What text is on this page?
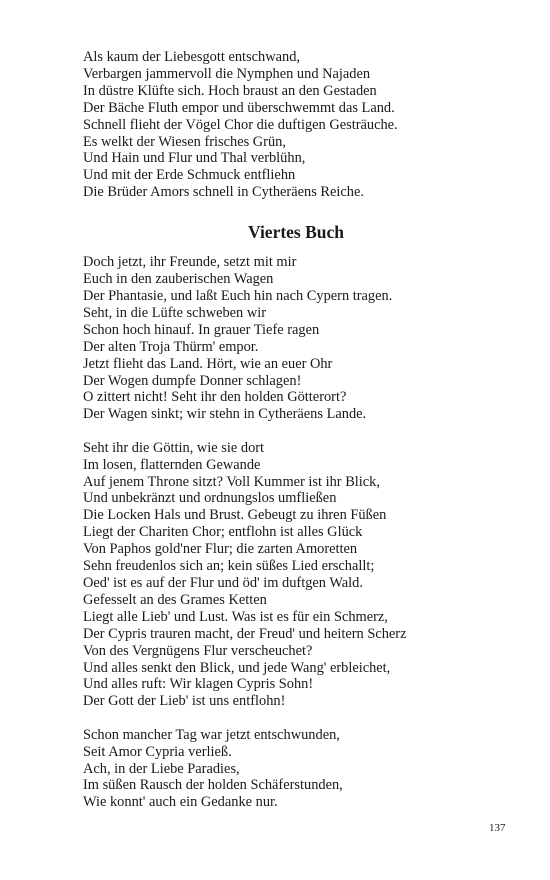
Als kaum der Liebesgott entschwand,
Verbargen jammervoll die Nymphen und Najaden
In düstre Klüfte sich. Hoch braust an den Gestaden
Der Bäche Fluth empor und überschwemmt das Land.
Schnell flieht der Vögel Chor die duftigen Gesträuche.
Es welkt der Wiesen frisches Grün,
Und Hain und Flur und Thal verblühn,
Und mit der Erde Schmuck entfliehn
Die Brüder Amors schnell in Cytheräens Reiche.
Viertes Buch
Doch jetzt, ihr Freunde, setzt mit mir
Euch in den zauberischen Wagen
Der Phantasie, und laßt Euch hin nach Cypern tragen.
Seht, in die Lüfte schweben wir
Schon hoch hinauf. In grauer Tiefe ragen
Der alten Troja Thürm' empor.
Jetzt flieht das Land. Hört, wie an euer Ohr
Der Wogen dumpfe Donner schlagen!
O zittert nicht! Seht ihr den holden Götterort?
Der Wagen sinkt; wir stehn in Cytheräens Lande.
Seht ihr die Göttin, wie sie dort
Im losen, flatternden Gewande
Auf jenem Throne sitzt? Voll Kummer ist ihr Blick,
Und unbekränzt und ordnungslos umfließen
Die Locken Hals und Brust. Gebeugt zu ihren Füßen
Liegt der Chariten Chor; entflohn ist alles Glück
Von Paphos gold'ner Flur; die zarten Amoretten
Sehn freudenlos sich an; kein süßes Lied erschallt;
Oed' ist es auf der Flur und öd' im duftgen Wald.
Gefesselt an des Grames Ketten
Liegt alle Lieb' und Lust. Was ist es für ein Schmerz,
Der Cypris trauren macht, der Freud' und heitern Scherz
Von des Vergnügens Flur verscheuchet?
Und alles senkt den Blick, und jede Wang' erbleichet,
Und alles ruft: Wir klagen Cypris Sohn!
Der Gott der Lieb' ist uns entflohn!
Schon mancher Tag war jetzt entschwunden,
Seit Amor Cypria verließ.
Ach, in der Liebe Paradies,
Im süßen Rausch der holden Schäferstunden,
Wie konnt' auch ein Gedanke nur.
137
